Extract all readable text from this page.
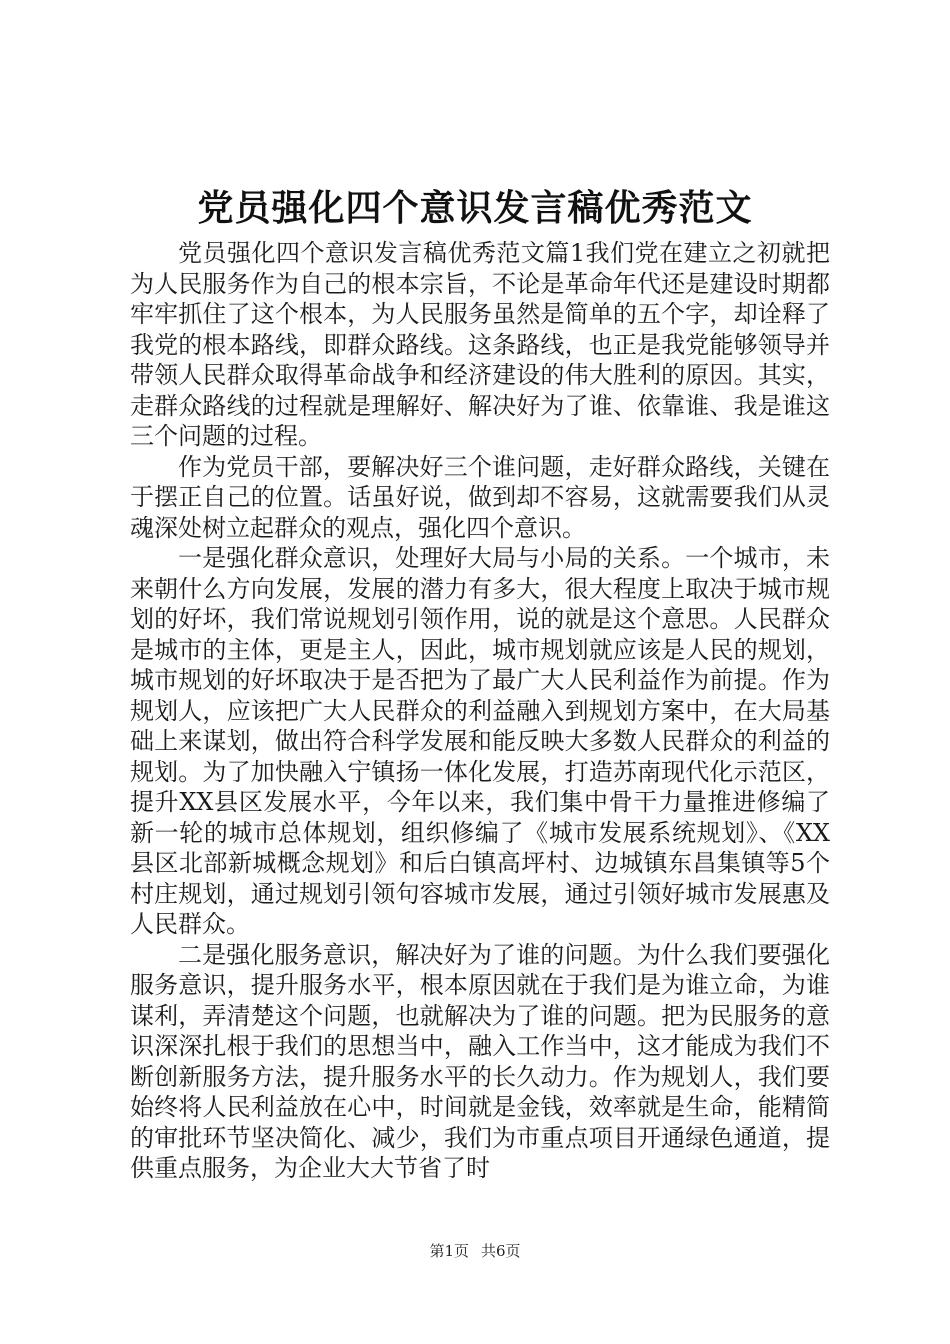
党员强化四个意识发言稿优秀范文

党员强化四个意识发言稿优秀范文篇1我们党在建立之初就把为人民服务作为自己的根本宗旨，不论是革命年代还是建设时期都牢牢抓住了这个根本，为人民服务虽然是简单的五个字，却诠释了我党的根本路线，即群众路线。这条路线，也正是我党能够领导并带领人民群众取得革命战争和经济建设的伟大胜利的原因。其实，走群众路线的过程就是理解好、解决好为了谁、依靠谁、我是谁这三个问题的过程。

作为党员干部，要解决好三个谁问题，走好群众路线，关键在于摆正自己的位置。话虽好说，做到却不容易，这就需要我们从灵魂深处树立起群众的观点，强化四个意识。

一是强化群众意识，处理好大局与小局的关系。一个城市，未来朝什么方向发展，发展的潜力有多大，很大程度上取决于城市规划的好坏，我们常说规划引领作用，说的就是这个意思。人民群众是城市的主体，更是主人，因此，城市规划就应该是人民的规划，城市规划的好坏取决于是否把为了最广大人民利益作为前提。作为规划人，应该把广大人民群众的利益融入到规划方案中，在大局基础上来谋划，做出符合科学发展和能反映大多数人民群众的利益的规划。为了加快融入宁镇扬一体化发展，打造苏南现代化示范区，提升XX县区发展水平，今年以来，我们集中骨干力量推进修编了新一轮的城市总体规划，组织修编了《城市发展系统规划》、《XX县区北部新城概念规划》和后白镇高坪村、边城镇东昌集镇等5个村庄规划，通过规划引领句容城市发展，通过引领好城市发展惠及人民群众。

二是强化服务意识，解决好为了谁的问题。为什么我们要强化服务意识，提升服务水平，根本原因就在于我们是为谁立命，为谁谋利，弄清楚这个问题，也就解决为了谁的问题。把为民服务的意识深深扎根于我们的思想当中，融入工作当中，这才能成为我们不断创新服务方法，提升服务水平的长久动力。作为规划人，我们要始终将人民利益放在心中，时间就是金钱，效率就是生命，能精简的审批环节坚决简化、减少，我们为市重点项目开通绿色通道，提供重点服务，为企业大大节省了时

第1页 共6页
